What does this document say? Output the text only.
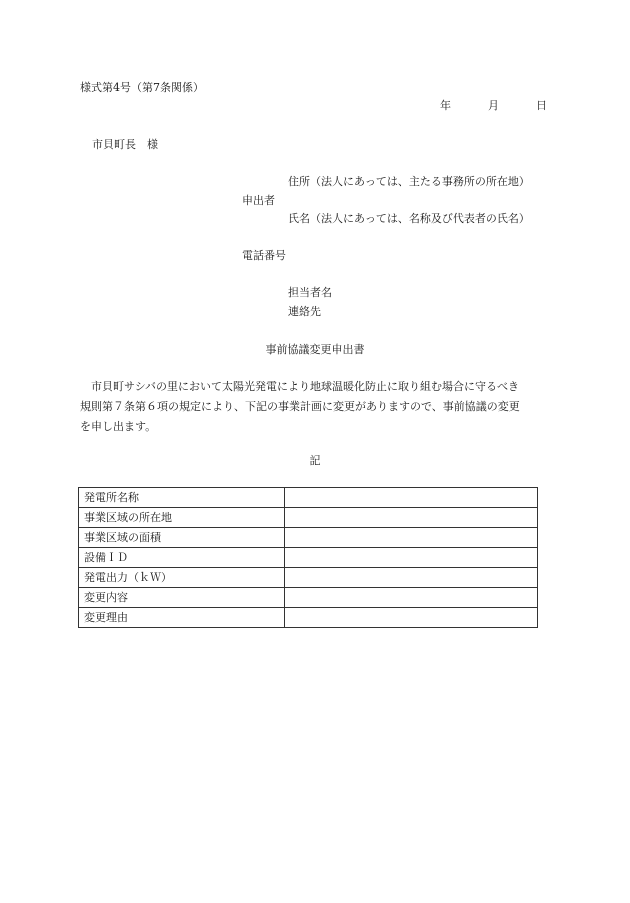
様式第4号（第7条関係）
年	月	日
市貝町長　様
住所（法人にあっては、主たる事務所の所在地）
申出者
氏名（法人にあっては、名称及び代表者の氏名）
電話番号
担当者名
連絡先
事前協議変更申出書
　市貝町サシバの里において太陽光発電により地球温暖化防止に取り組む場合に守るべき
規則第７条第６項の規定により、下記の事業計画に変更がありますので、事前協議の変更
を申し出ます。
記
発電所名称	
事業区域の所在地	
事業区域の面積	
設備ＩＤ	
発電出力（ｋＷ）	
変更内容	
変更理由	
